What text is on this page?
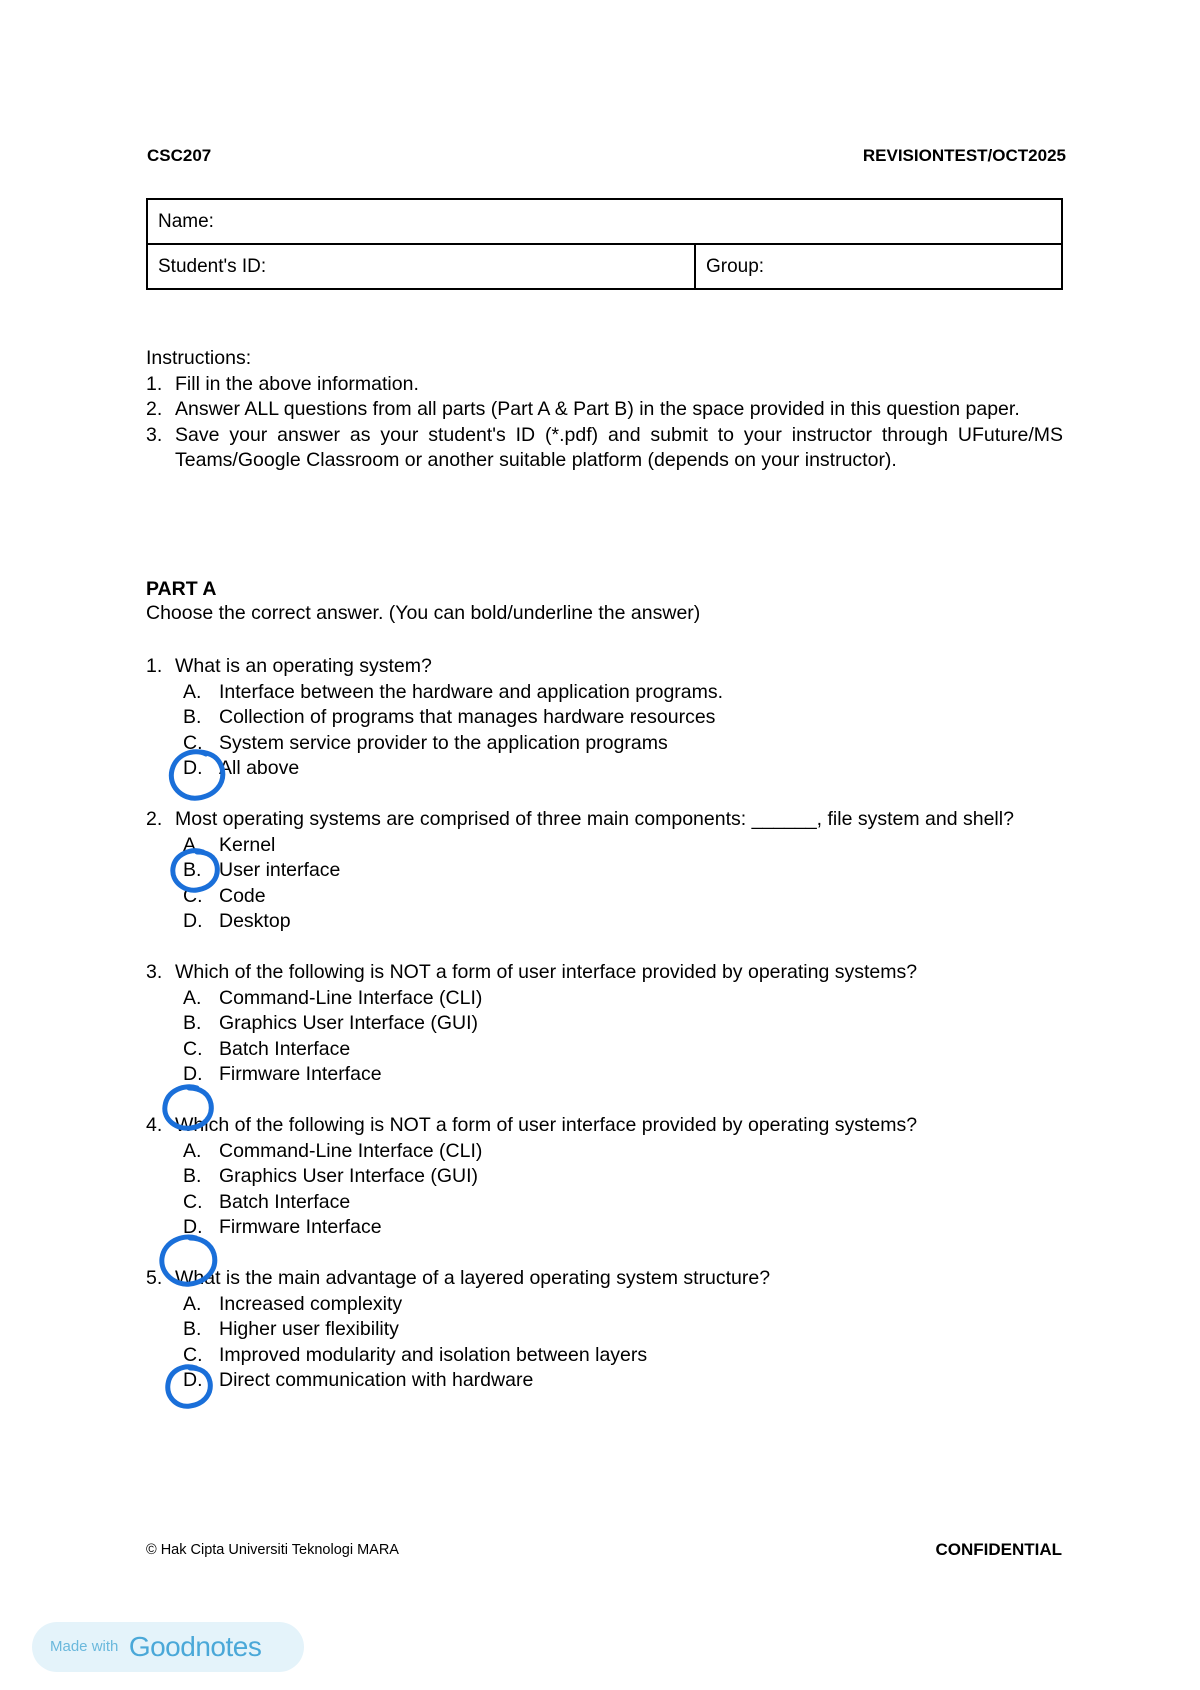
CSC207	REVISIONTEST/OCT2025
Name:
Student's ID:	Group:
Instructions:
1. Fill in the above information.
2. Answer ALL questions from all parts (Part A & Part B) in the space provided in this question paper.
3. Save your answer as your student's ID (*.pdf) and submit to your instructor through UFuture/MS Teams/Google Classroom or another suitable platform (depends on your instructor).
PART A
Choose the correct answer. (You can bold/underline the answer)
1. What is an operating system?
A. Interface between the hardware and application programs.
B. Collection of programs that manages hardware resources
C. System service provider to the application programs
D. All above
2. Most operating systems are comprised of three main components: ______, file system and shell?
A. Kernel
B. User interface
C. Code
D. Desktop
3. Which of the following is NOT a form of user interface provided by operating systems?
A. Command-Line Interface (CLI)
B. Graphics User Interface (GUI)
C. Batch Interface
D. Firmware Interface
4. Which of the following is NOT a form of user interface provided by operating systems?
A. Command-Line Interface (CLI)
B. Graphics User Interface (GUI)
C. Batch Interface
D. Firmware Interface
5. What is the main advantage of a layered operating system structure?
A. Increased complexity
B. Higher user flexibility
C. Improved modularity and isolation between layers
D. Direct communication with hardware
© Hak Cipta Universiti Teknologi MARA	CONFIDENTIAL
Made with Goodnotes
